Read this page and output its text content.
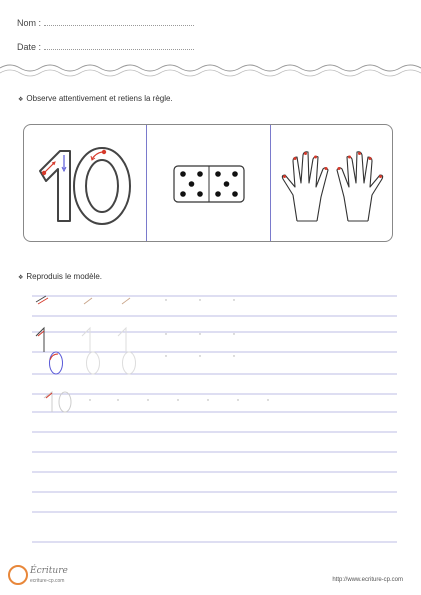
Nom :
Date :
❖ Observe attentivement et retiens la règle.
❖ Reproduis le modèle.
Écriture
ecriture-cp.com	http://www.ecriture-cp.com
